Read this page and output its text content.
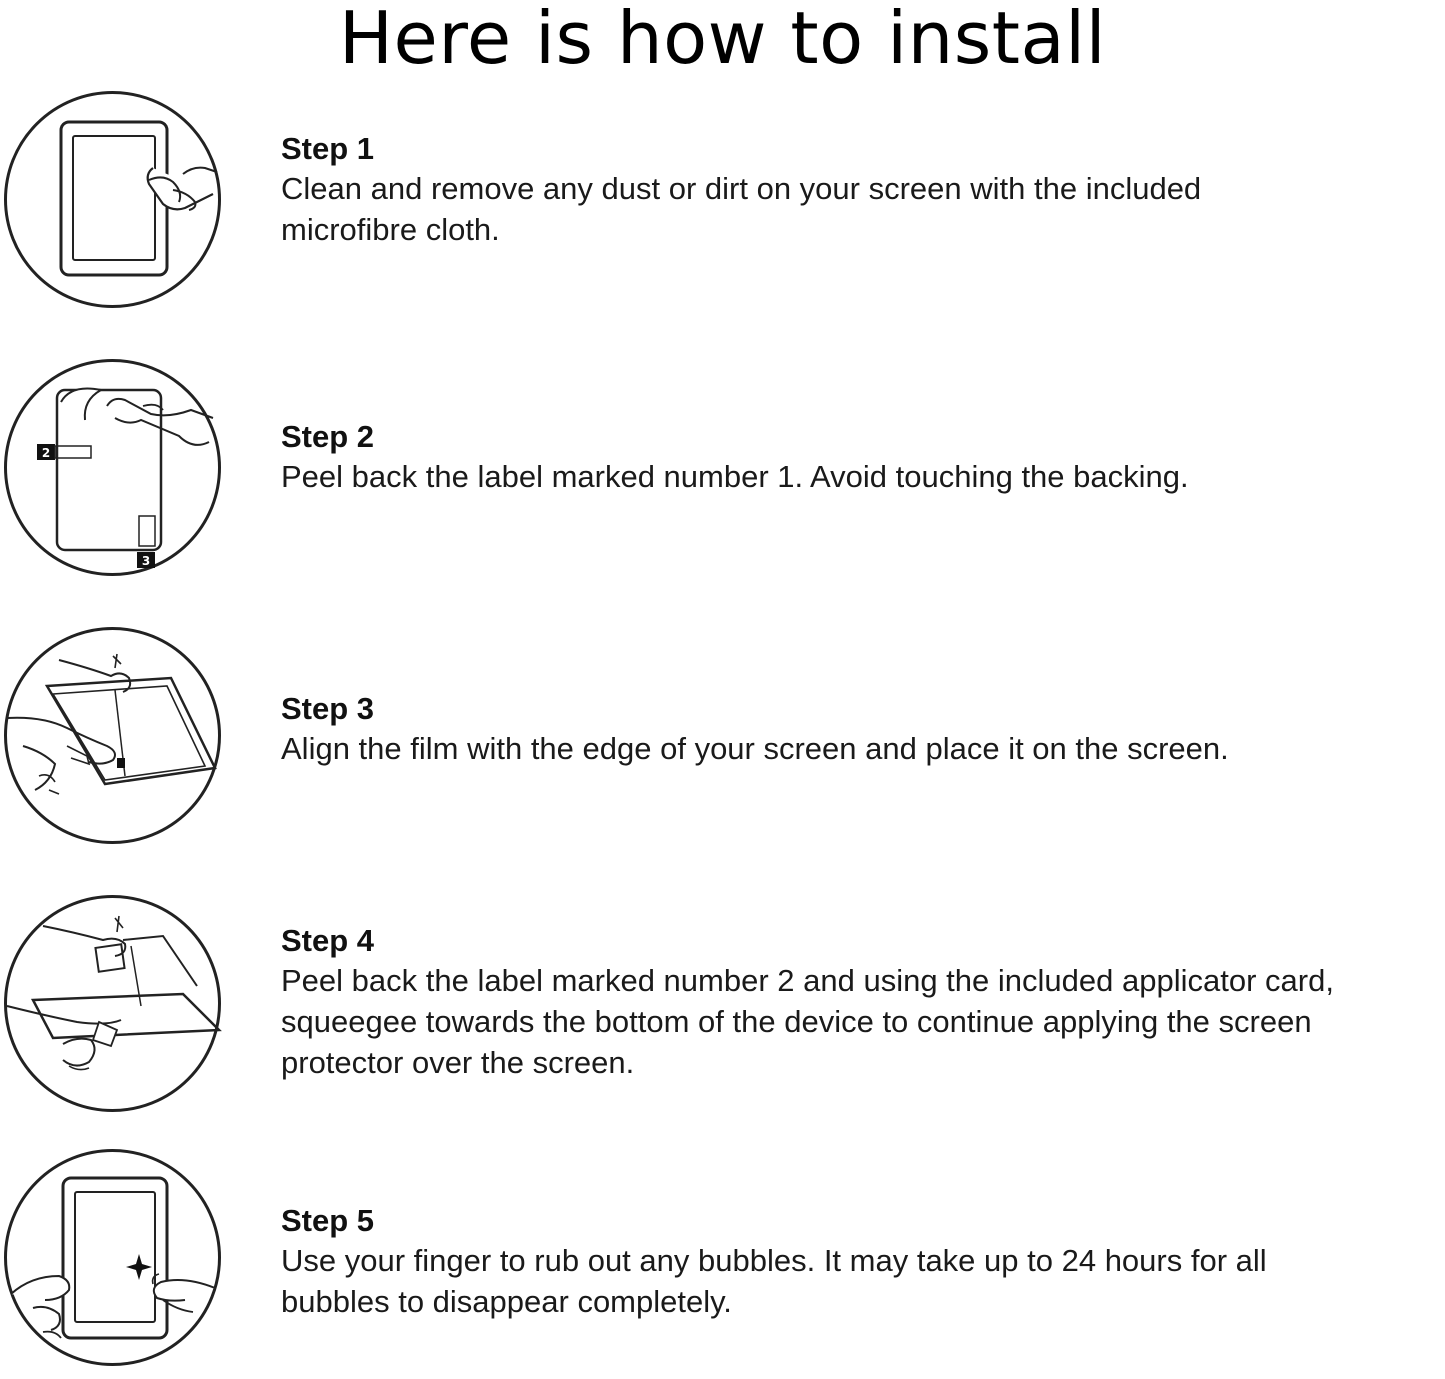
Here is how to install
Step 1
Clean and remove any dust or dirt on your screen with the included
microfibre cloth.
2
3
Step 2
Peel back the label marked number 1. Avoid touching the backing.
Step 3
Align the film with the edge of your screen and place it on the screen.
Step 4
Peel back the label marked number 2 and using the included applicator card,
squeegee towards the bottom of the device to continue applying the screen
protector over the screen.
Step 5
Use your finger to rub out any bubbles. It may take up to 24 hours for all
bubbles to disappear completely.
